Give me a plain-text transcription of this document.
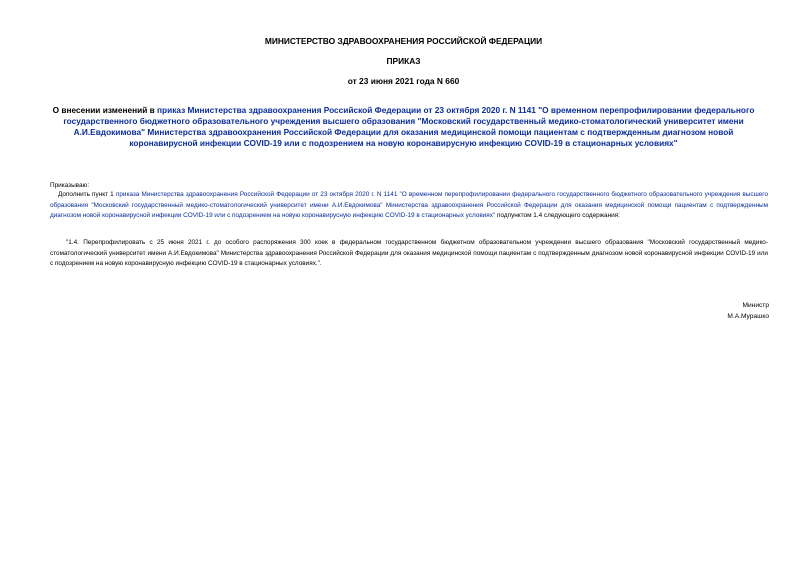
МИНИСТЕРСТВО ЗДРАВООХРАНЕНИЯ РОССИЙСКОЙ ФЕДЕРАЦИИ
ПРИКАЗ
от 23 июня 2021 года N 660
О внесении изменений в приказ Министерства здравоохранения Российской Федерации от 23 октября 2020 г. N 1141 "О временном перепрофилировании федерального государственного бюджетного образовательного учреждения высшего образования "Московский государственный медико-стоматологический университет имени А.И.Евдокимова" Министерства здравоохранения Российской Федерации для оказания медицинской помощи пациентам с подтвержденным диагнозом новой коронавирусной инфекции COVID-19 или с подозрением на новую коронавирусную инфекцию COVID-19 в стационарных условиях"
Приказываю:
Дополнить пункт 1 приказа Министерства здравоохранения Российской Федерации от 23 октября 2020 г. N 1141 "О временном перепрофилировании федерального государственного бюджетного образовательного учреждения высшего образования "Московский государственный медико-стоматологический университет имени А.И.Евдокимова" Министерства здравоохранения Российской Федерации для оказания медицинской помощи пациентам с подтвержденным диагнозом новой коронавирусной инфекции COVID-19 или с подозрением на новую коронавирусную инфекцию COVID-19 в стационарных условиях" подпунктом 1.4 следующего содержания:
"1.4. Перепрофилировать с 25 июня 2021 г. до особого распоряжения 300 коек в федеральном государственном бюджетном образовательном учреждении высшего образования "Московский государственный медико-стоматологический университет имени А.И.Евдокимова" Министерства здравоохранения Российской Федерации для оказания медицинской помощи пациентам с подтвержденным диагнозом новой коронавирусной инфекции COVID-19 или с подозрением на новую коронавирусную инфекцию COVID-19 в стационарных условиях.".
Министр
М.А.Мурашко
